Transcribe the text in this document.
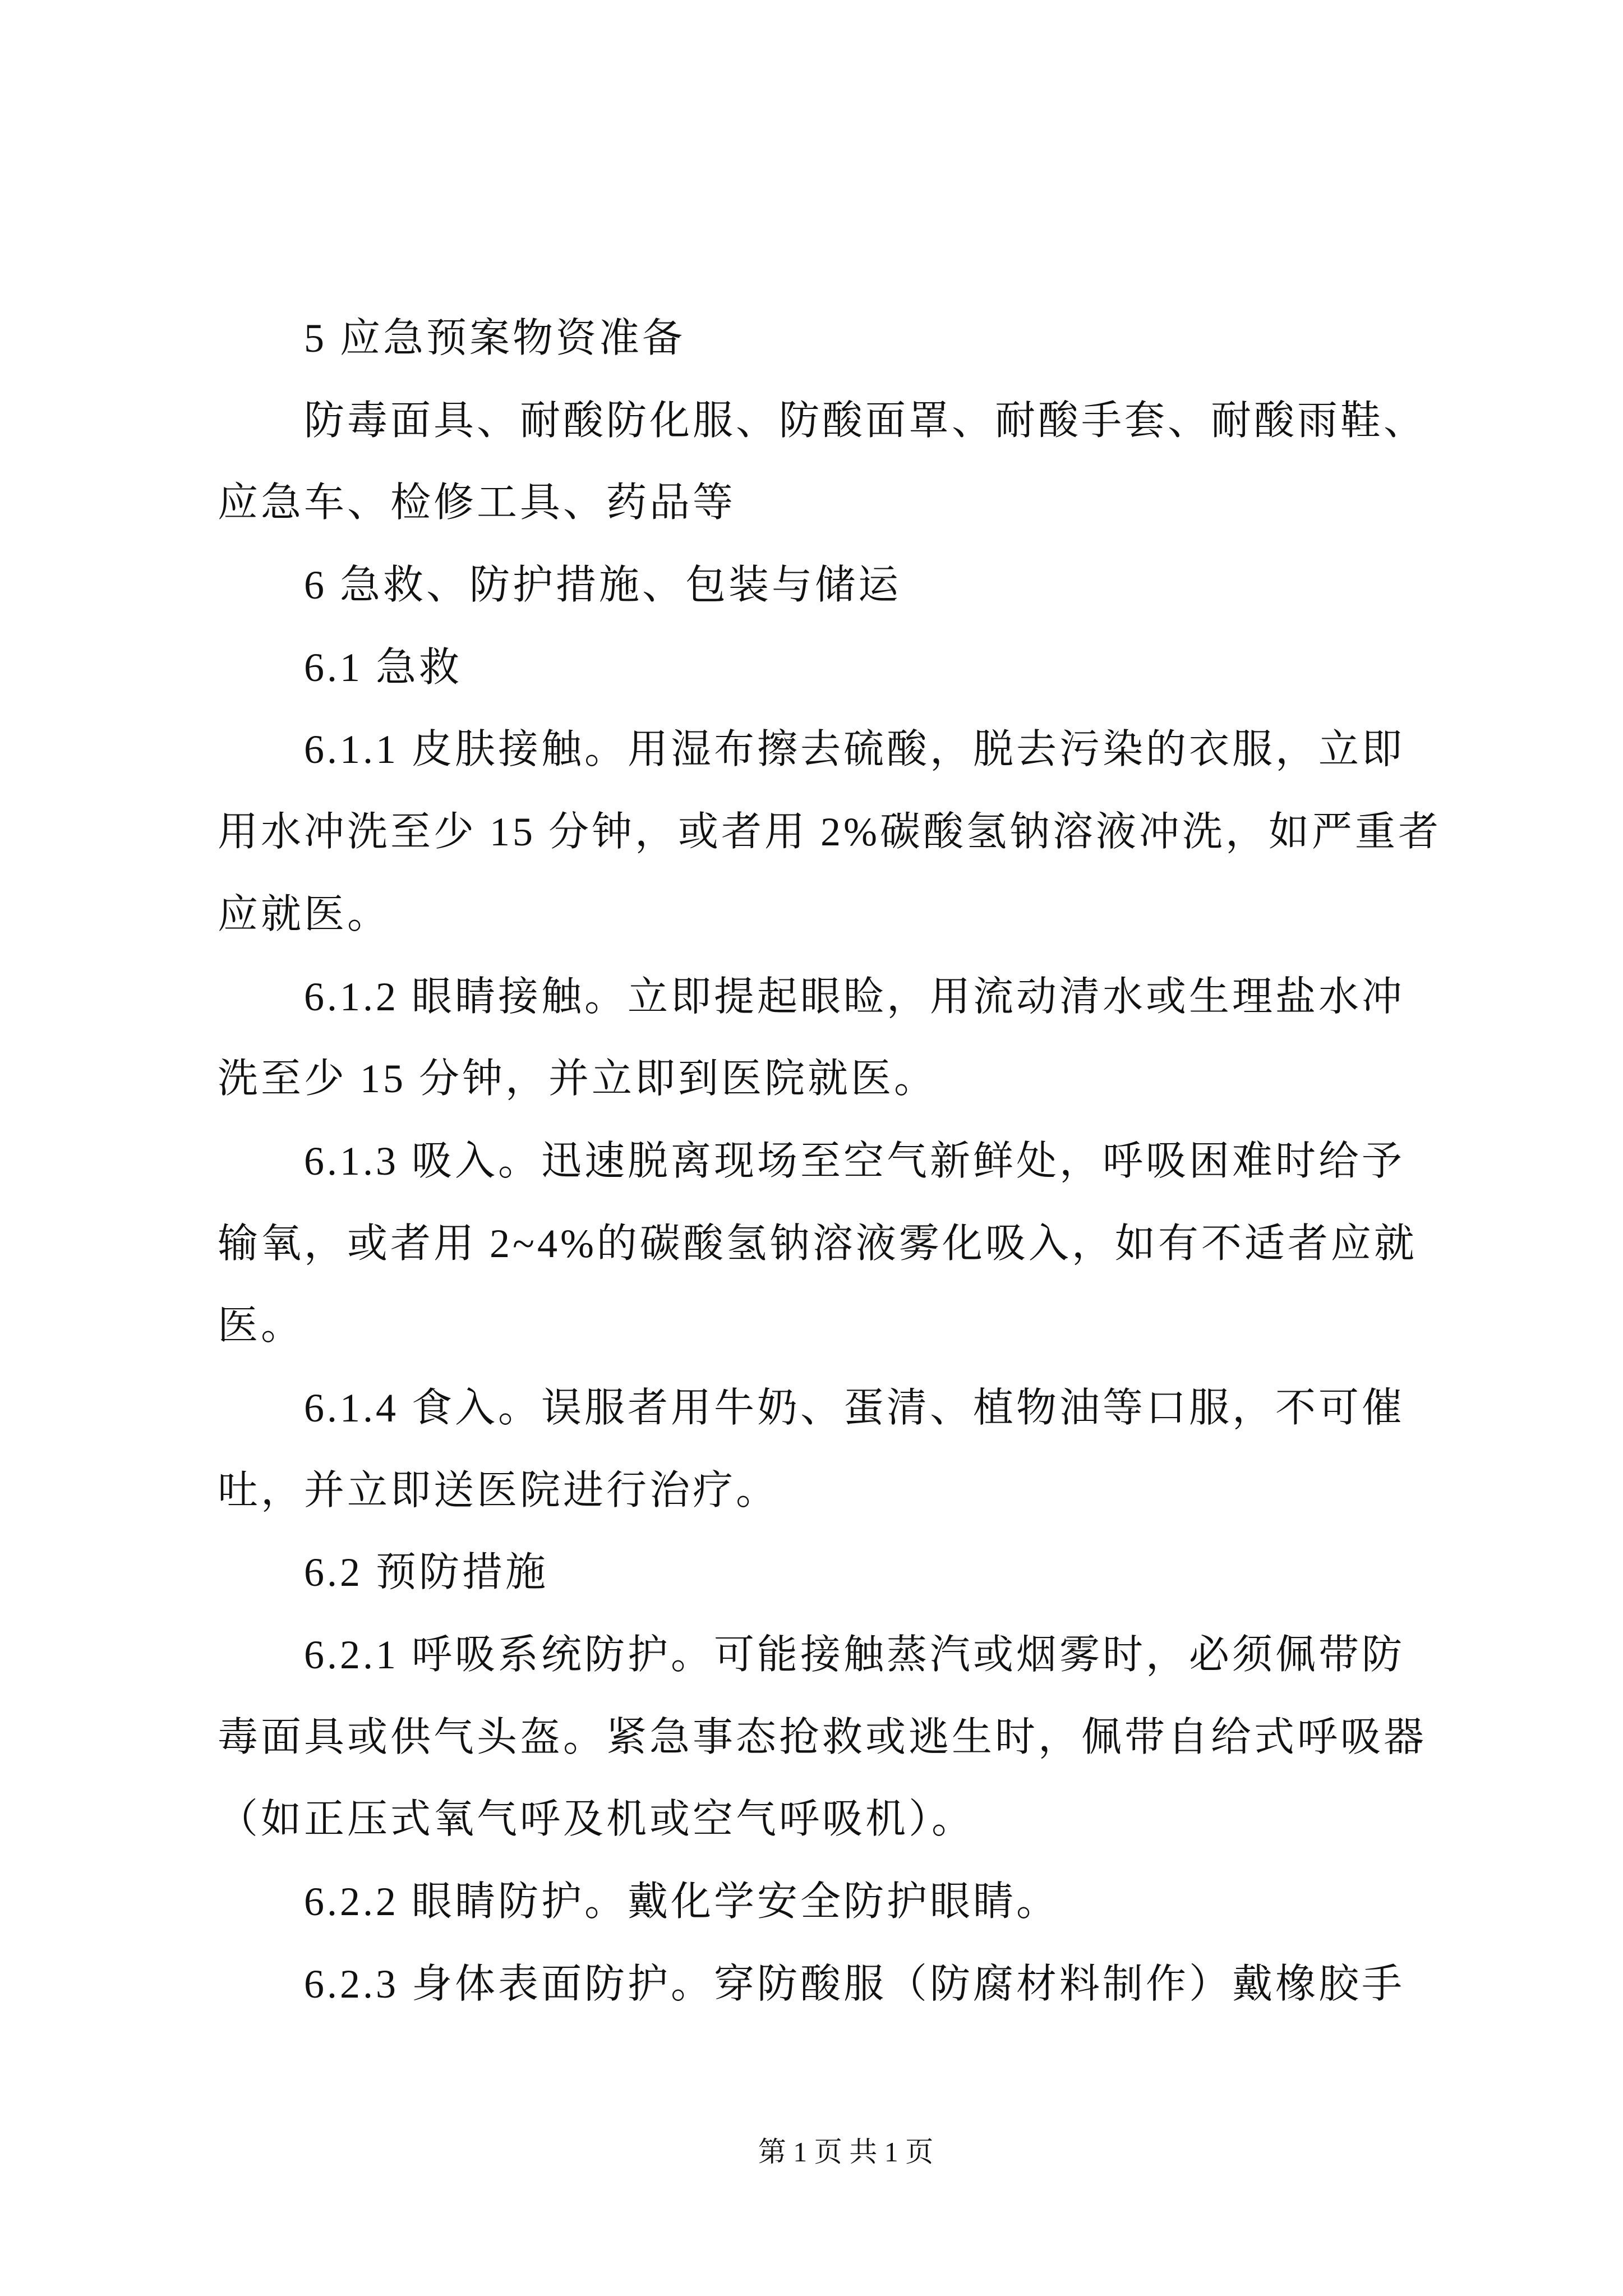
5 应急预案物资准备
防毒面具、耐酸防化服、防酸面罩、耐酸手套、耐酸雨鞋、
应急车、检修工具、药品等
6 急救、防护措施、包装与储运
6.1 急救
6.1.1 皮肤接触。用湿布擦去硫酸，脱去污染的衣服，立即
用水冲洗至少 15 分钟，或者用 2%碳酸氢钠溶液冲洗，如严重者
应就医。
6.1.2 眼睛接触。立即提起眼睑，用流动清水或生理盐水冲
洗至少 15 分钟，并立即到医院就医。
6.1.3 吸入。迅速脱离现场至空气新鲜处，呼吸困难时给予
输氧，或者用 2~4%的碳酸氢钠溶液雾化吸入，如有不适者应就
医。
6.1.4 食入。误服者用牛奶、蛋清、植物油等口服，不可催
吐，并立即送医院进行治疗。
6.2 预防措施
6.2.1 呼吸系统防护。可能接触蒸汽或烟雾时，必须佩带防
毒面具或供气头盔。紧急事态抢救或逃生时，佩带自给式呼吸器
（如正压式氧气呼及机或空气呼吸机）。
6.2.2 眼睛防护。戴化学安全防护眼睛。
6.2.3 身体表面防护。穿防酸服（防腐材料制作）戴橡胶手
第 1 页 共 1 页
